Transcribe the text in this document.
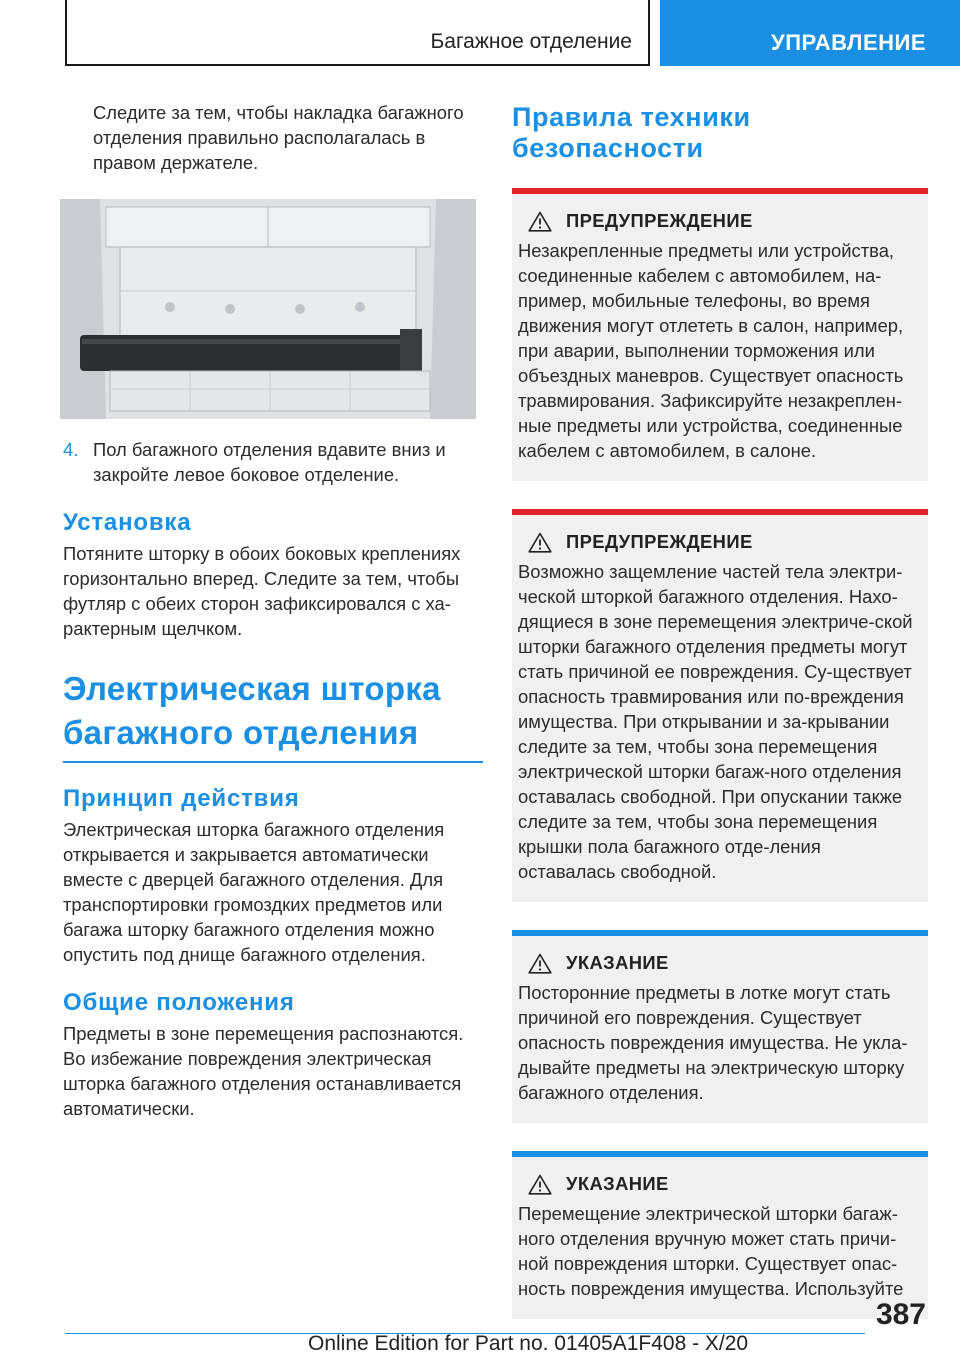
Багажное отделение	УПРАВЛЕНИЕ

Следите за тем, чтобы накладка багажного отделения правильно располагалась в правом держателе.

4. Пол багажного отделения вдавите вниз и закройте левое боковое отделение.
Установка

Потяните шторку в обоих боковых креплениях горизонтально вперед. Следите за тем, чтобы футляр с обеих сторон зафиксировался с ха-рактерным щелчком.

Электрическая шторка багажного отделения
Принцип действия

Электрическая шторка багажного отделения открывается и закрывается автоматически вместе с дверцей багажного отделения. Для транспортировки громоздких предметов или багажа шторку багажного отделения можно опустить под днище багажного отделения.

Общие положения

Предметы в зоне перемещения распознаются. Во избежание повреждения электрическая шторка багажного отделения останавливается автоматически.

Правила техники безопасности
ПРЕДУПРЕЖДЕНИЕ

Незакрепленные предметы или устройства, соединенные кабелем с автомобилем, на-пример, мобильные телефоны, во время движения могут отлететь в салон, например, при аварии, выполнении торможения или объездных маневров. Существует опасность травмирования. Зафиксируйте незакреплен-ные предметы или устройства, соединенные кабелем с автомобилем, в салоне.

ПРЕДУПРЕЖДЕНИЕ

Возможно защемление частей тела электри-ческой шторкой багажного отделения. Нахо-дящиеся в зоне перемещения электриче-ской шторки багажного отделения предметы могут стать причиной ее повреждения. Су-ществует опасность травмирования или по-вреждения имущества. При открывании и за-крывании следите за тем, чтобы зона перемещения электрической шторки багаж-ного отделения оставалась свободной. При опускании также следите за тем, чтобы зона перемещения крышки пола багажного отде-ления оставалась свободной.

УКАЗАНИЕ

Посторонние предметы в лотке могут стать причиной его повреждения. Существует опасность повреждения имущества. Не укла-дывайте предметы на электрическую шторку багажного отделения.

УКАЗАНИЕ

Перемещение электрической шторки багаж-ного отделения вручную может стать причи-ной повреждения шторки. Существует опас-ность повреждения имущества. Используйте

387
Online Edition for Part no. 01405A1F408 - X/20
